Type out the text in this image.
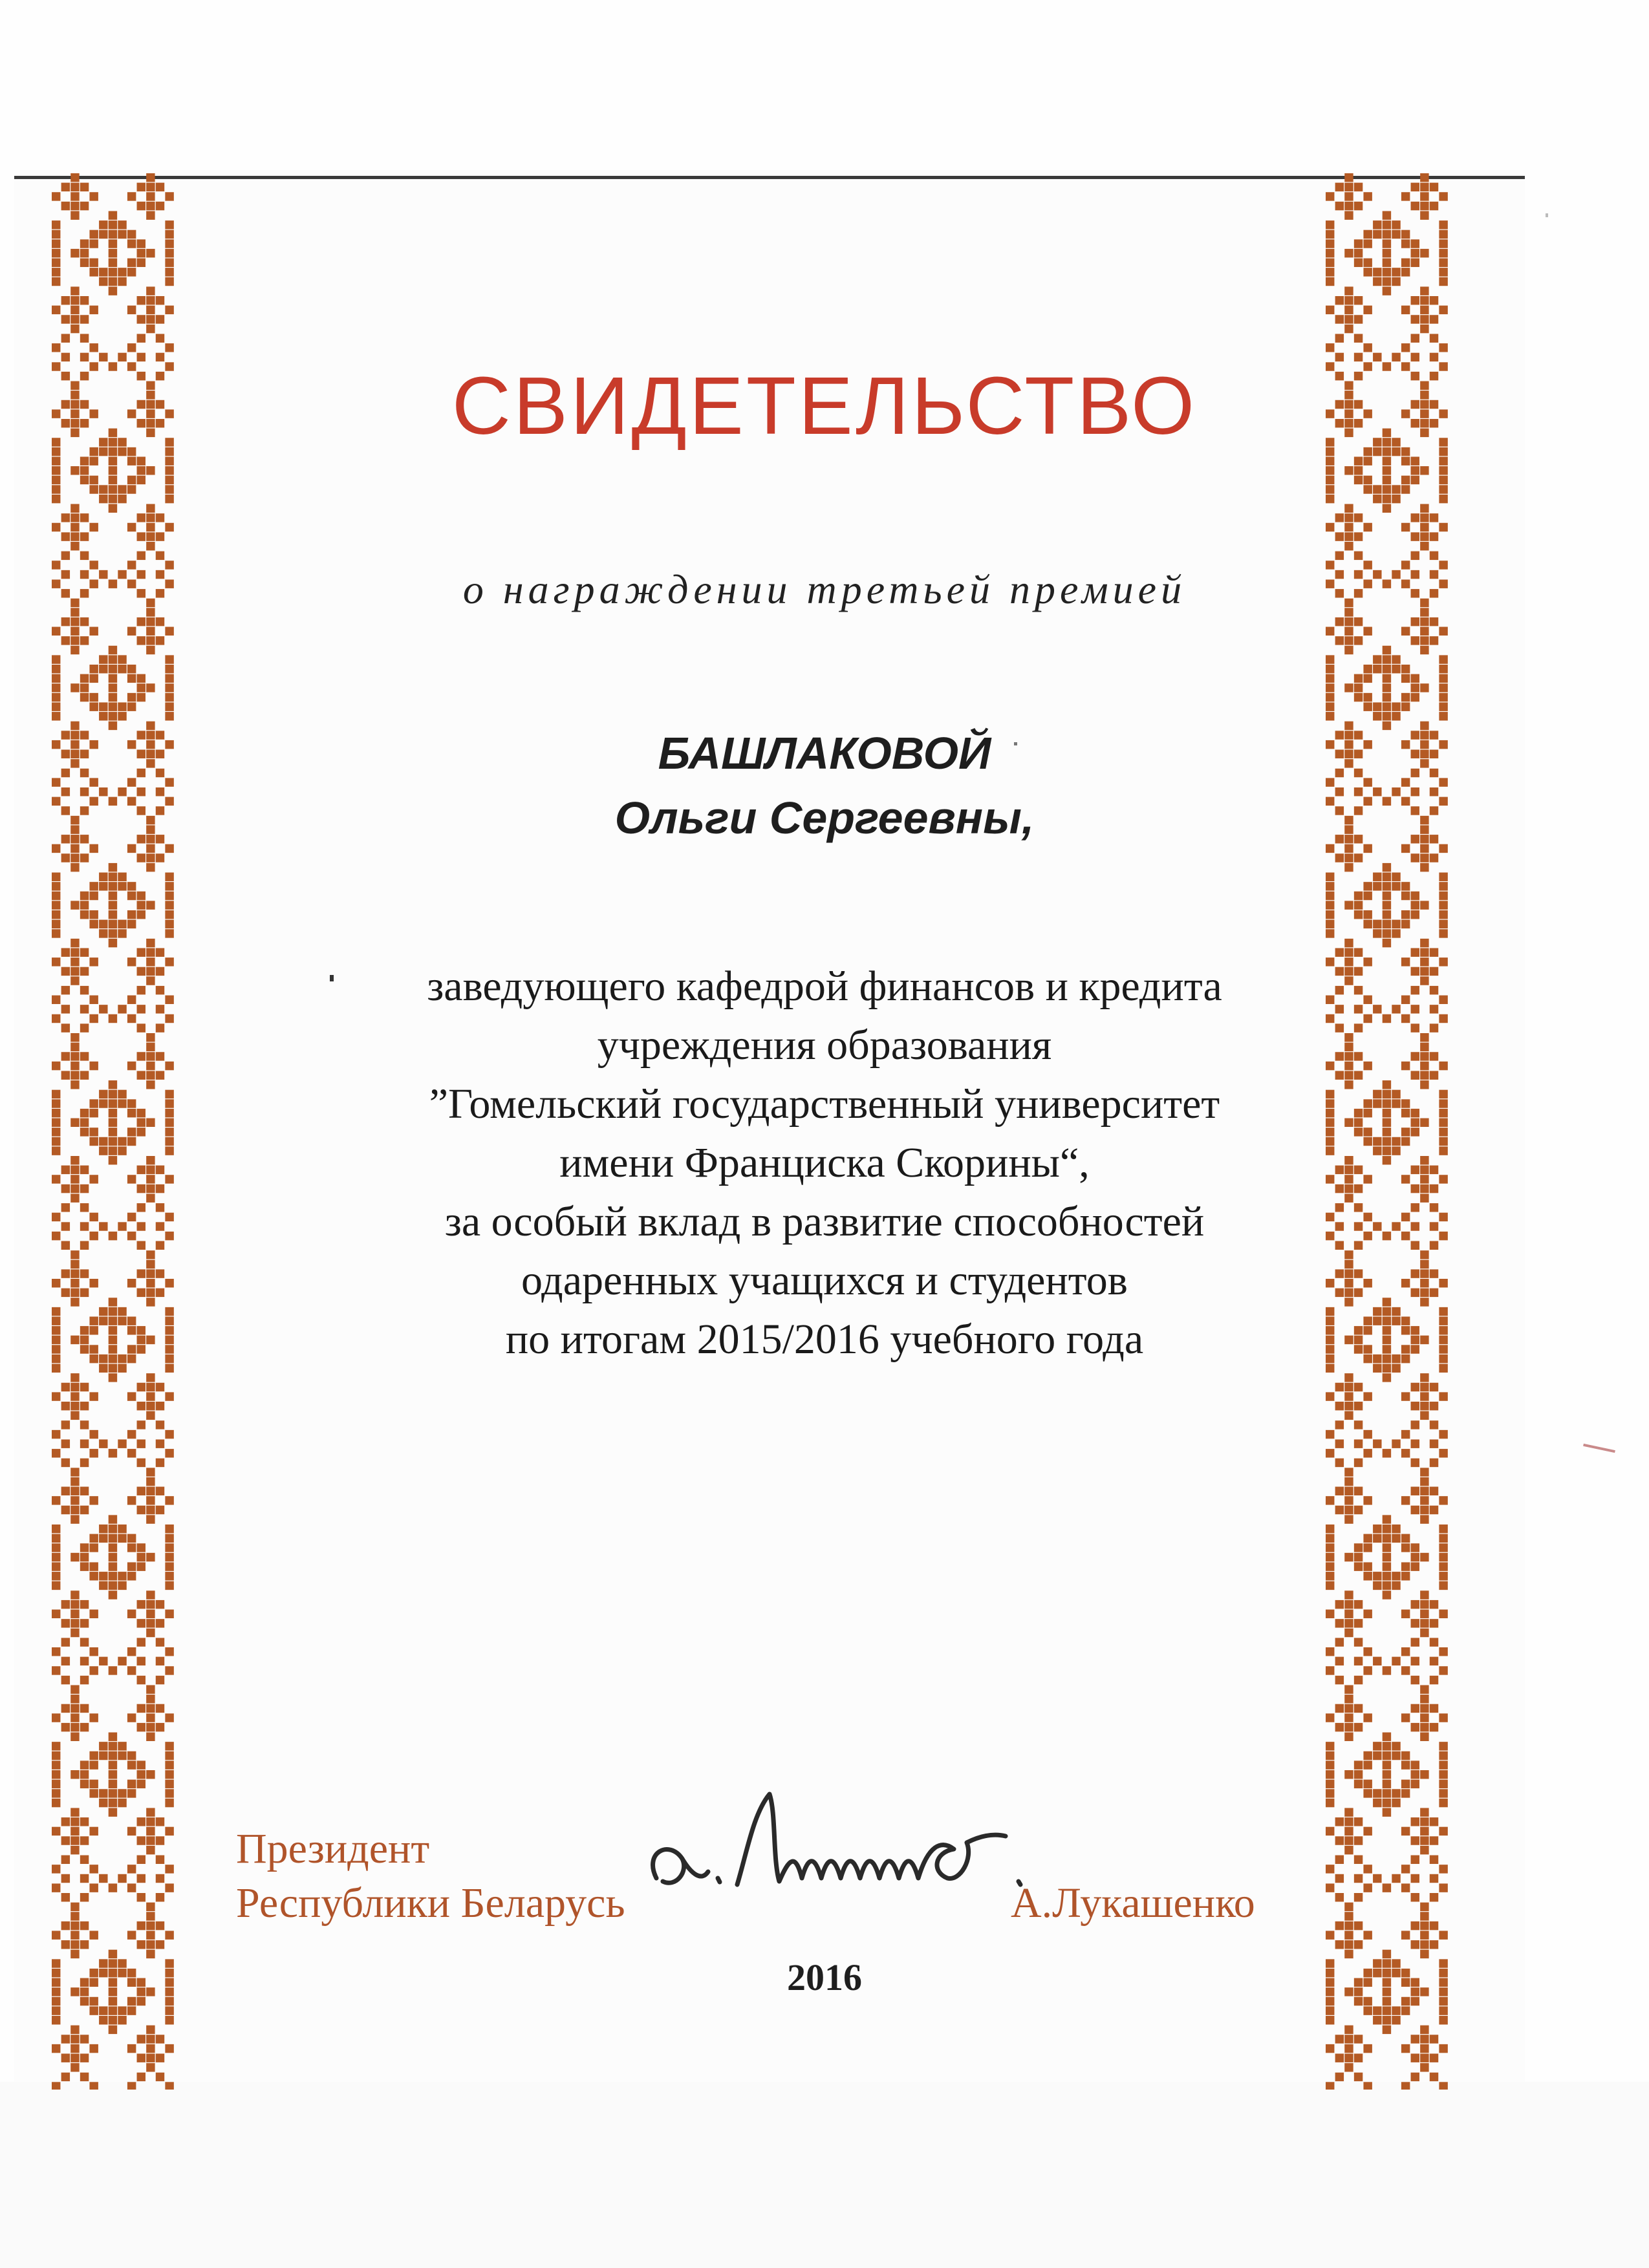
СВИДЕТЕЛЬСТВО
о награждении третьей премией
БАШЛАКОВОЙ
Ольги Сергеевны,
заведующего кафедрой финансов и кредита
учреждения образования
”Гомельский государственный университет
имени Франциска Скорины“,
за особый вклад в развитие способностей
одаренных учащихся и студентов
по итогам 2015/2016 учебного года
Президент
Республики Беларусь	А.Лукашенко
2016
